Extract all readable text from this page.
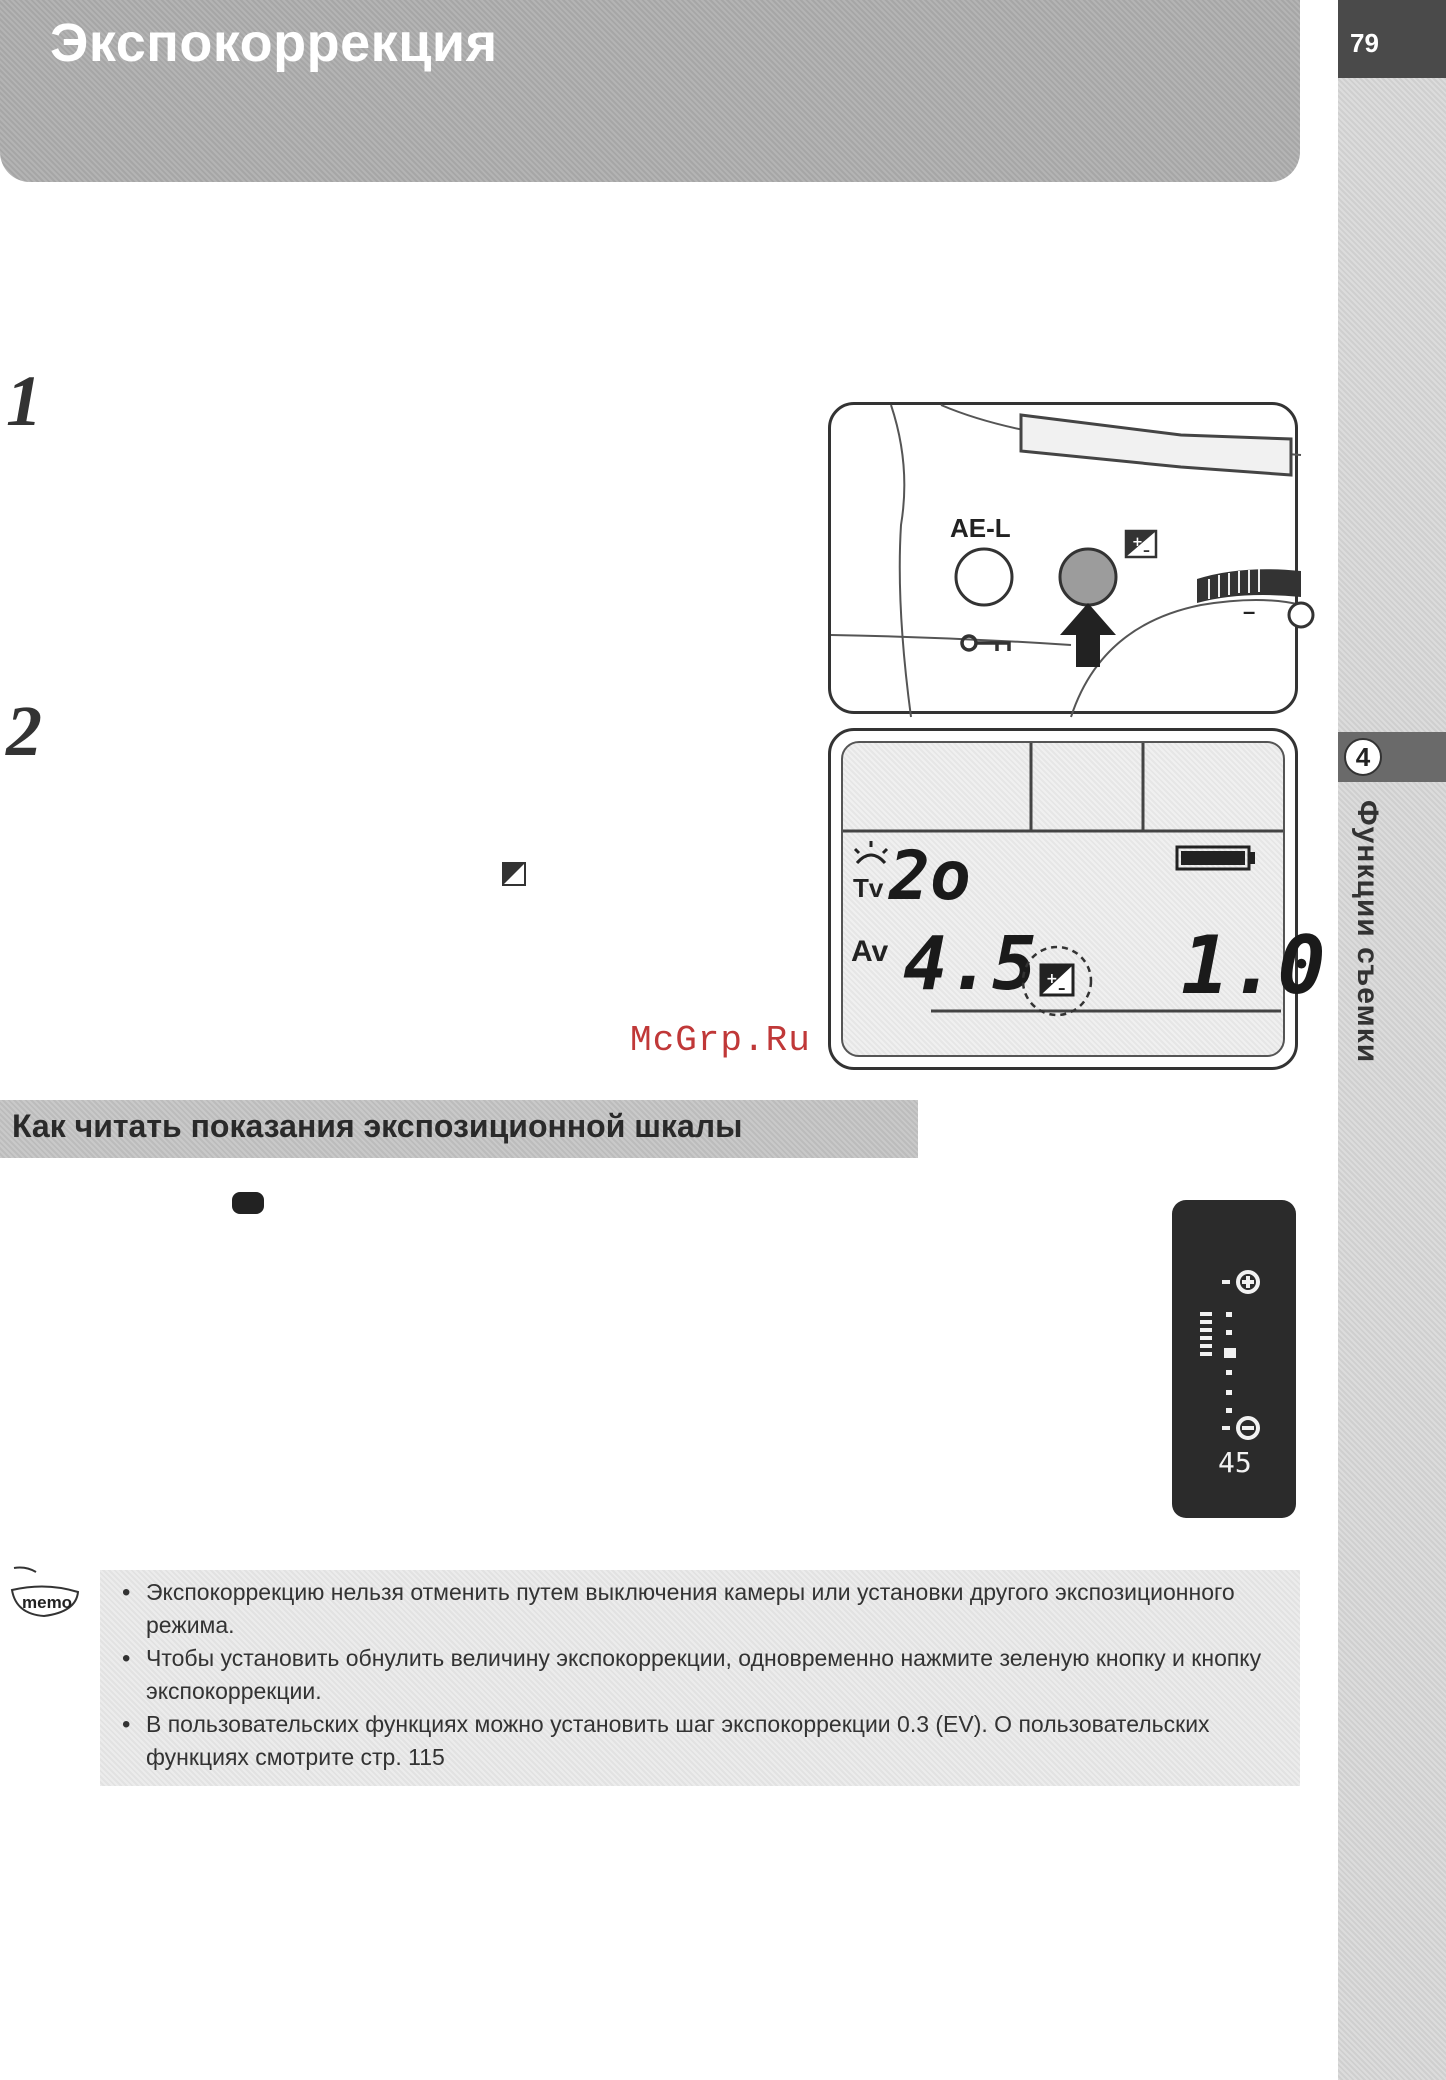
Экспокоррекция	79
4
Функции съемки
1
2
+
–
AE-L
–
Tv 2o
Av 4.5 + – 1.0
McGrp.Ru
Как читать показания экспозиционной шкалы
45
memo
•	Экспокоррекцию нельзя отменить путем выключения камеры или установки другого экспозиционного режима.
• Чтобы установить обнулить величину экспокоррекции, одновременно нажмите зеленую кнопку и кнопку экспокоррекции.
• В пользовательских функциях можно установить шаг экспокоррекции 0.3 (EV). О пользовательских функциях смотрите стр. 115
